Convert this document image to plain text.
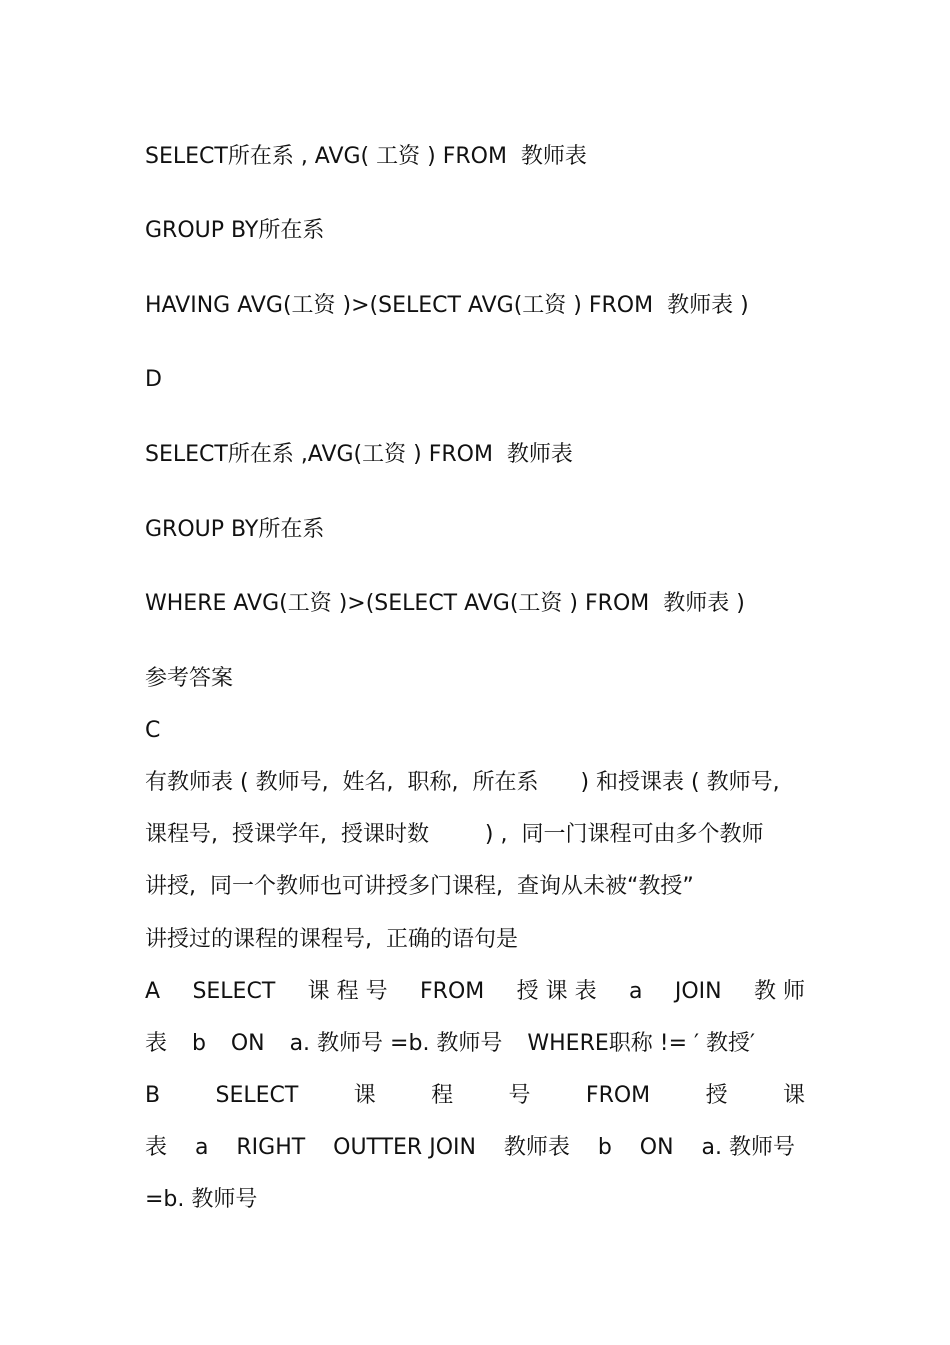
SELECT所在系 , AVG( 工资 ) FROM  教师表

GROUP BY所在系

HAVING AVG(工资 )>(SELECT AVG(工资 ) FROM  教师表 )

D

SELECT所在系 ,AVG(工资 ) FROM  教师表

GROUP BY所在系

WHERE AVG(工资 )>(SELECT AVG(工资 ) FROM  教师表 )

参考答案

C

有教师表 ( 教师号,  姓名,  职称,  所在系      ) 和授课表 ( 教师号,

课程号,  授课学年,  授课时数        ) ,  同一门课程可由多个教师

讲授,  同一个教师也可讲授多门课程,  查询从未被“教授”

讲授过的课程的课程号,  正确的语句是

A SELECT 课 程 号 FROM 授 课 表 a JOIN 教 师
表 b ON a. 教师号 =b. 教师号 WHERE职称 != ′ 教授′
B	SELECT	课	程	号	FROM	授	课
表 a RIGHT OUTTER JOIN 教师表 b ON a. 教师号

=b. 教师号
